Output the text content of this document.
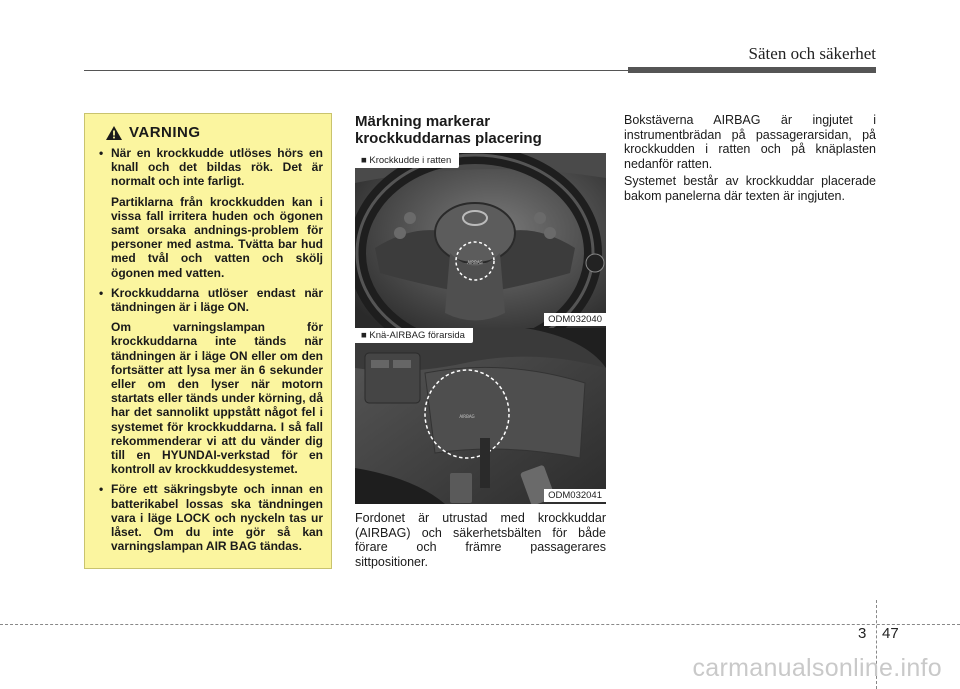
Säten och säkerhet
VARNING
• När en krockkudde utlöses hörs en knall och det bildas rök. Det är normalt och inte farligt.

Partiklarna från krockkudden kan i vissa fall irritera huden och ögonen samt orsaka andnings-problem för personer med astma. Tvätta bar hud med tvål och vatten och skölj ögonen med vatten.

• Krockkuddarna utlöser endast när tändningen är i läge ON.

Om varningslampan för krockkuddarna inte tänds när tändningen är i läge ON eller om den fortsätter att lysa mer än 6 sekunder eller om den lyser när motorn startats eller tänds under körning, då har det sannolikt uppstått något fel i systemet för krockkuddarna. I så fall rekommenderar vi att du vänder dig till en HYUNDAI-verkstad för en kontroll av krockkuddesystemet.

• Före ett säkringsbyte och innan en batterikabel lossas ska tändningen vara i läge LOCK och nyckeln tas ur låset. Om du inte gör så kan varningslampan AIR BAG tändas.

Märkning markerar
krockkuddarnas placering
AIRBAG
■ Krockkudde i ratten
ODM032040
AIRBAG
■ Knä-AIRBAG förarsida
ODM032041

Fordonet är utrustad med krockkuddar (AIRBAG) och säkerhetsbälten för både förare och främre passagerares sittpositioner.

Bokstäverna AIRBAG är ingjutet i instrumentbrädan på passagerarsidan, på krockkudden i ratten och på knäplasten nedanför ratten.

Systemet består av krockkuddar placerade bakom panelerna där texten är ingjuten.

3 47
carmanualsonline.info
